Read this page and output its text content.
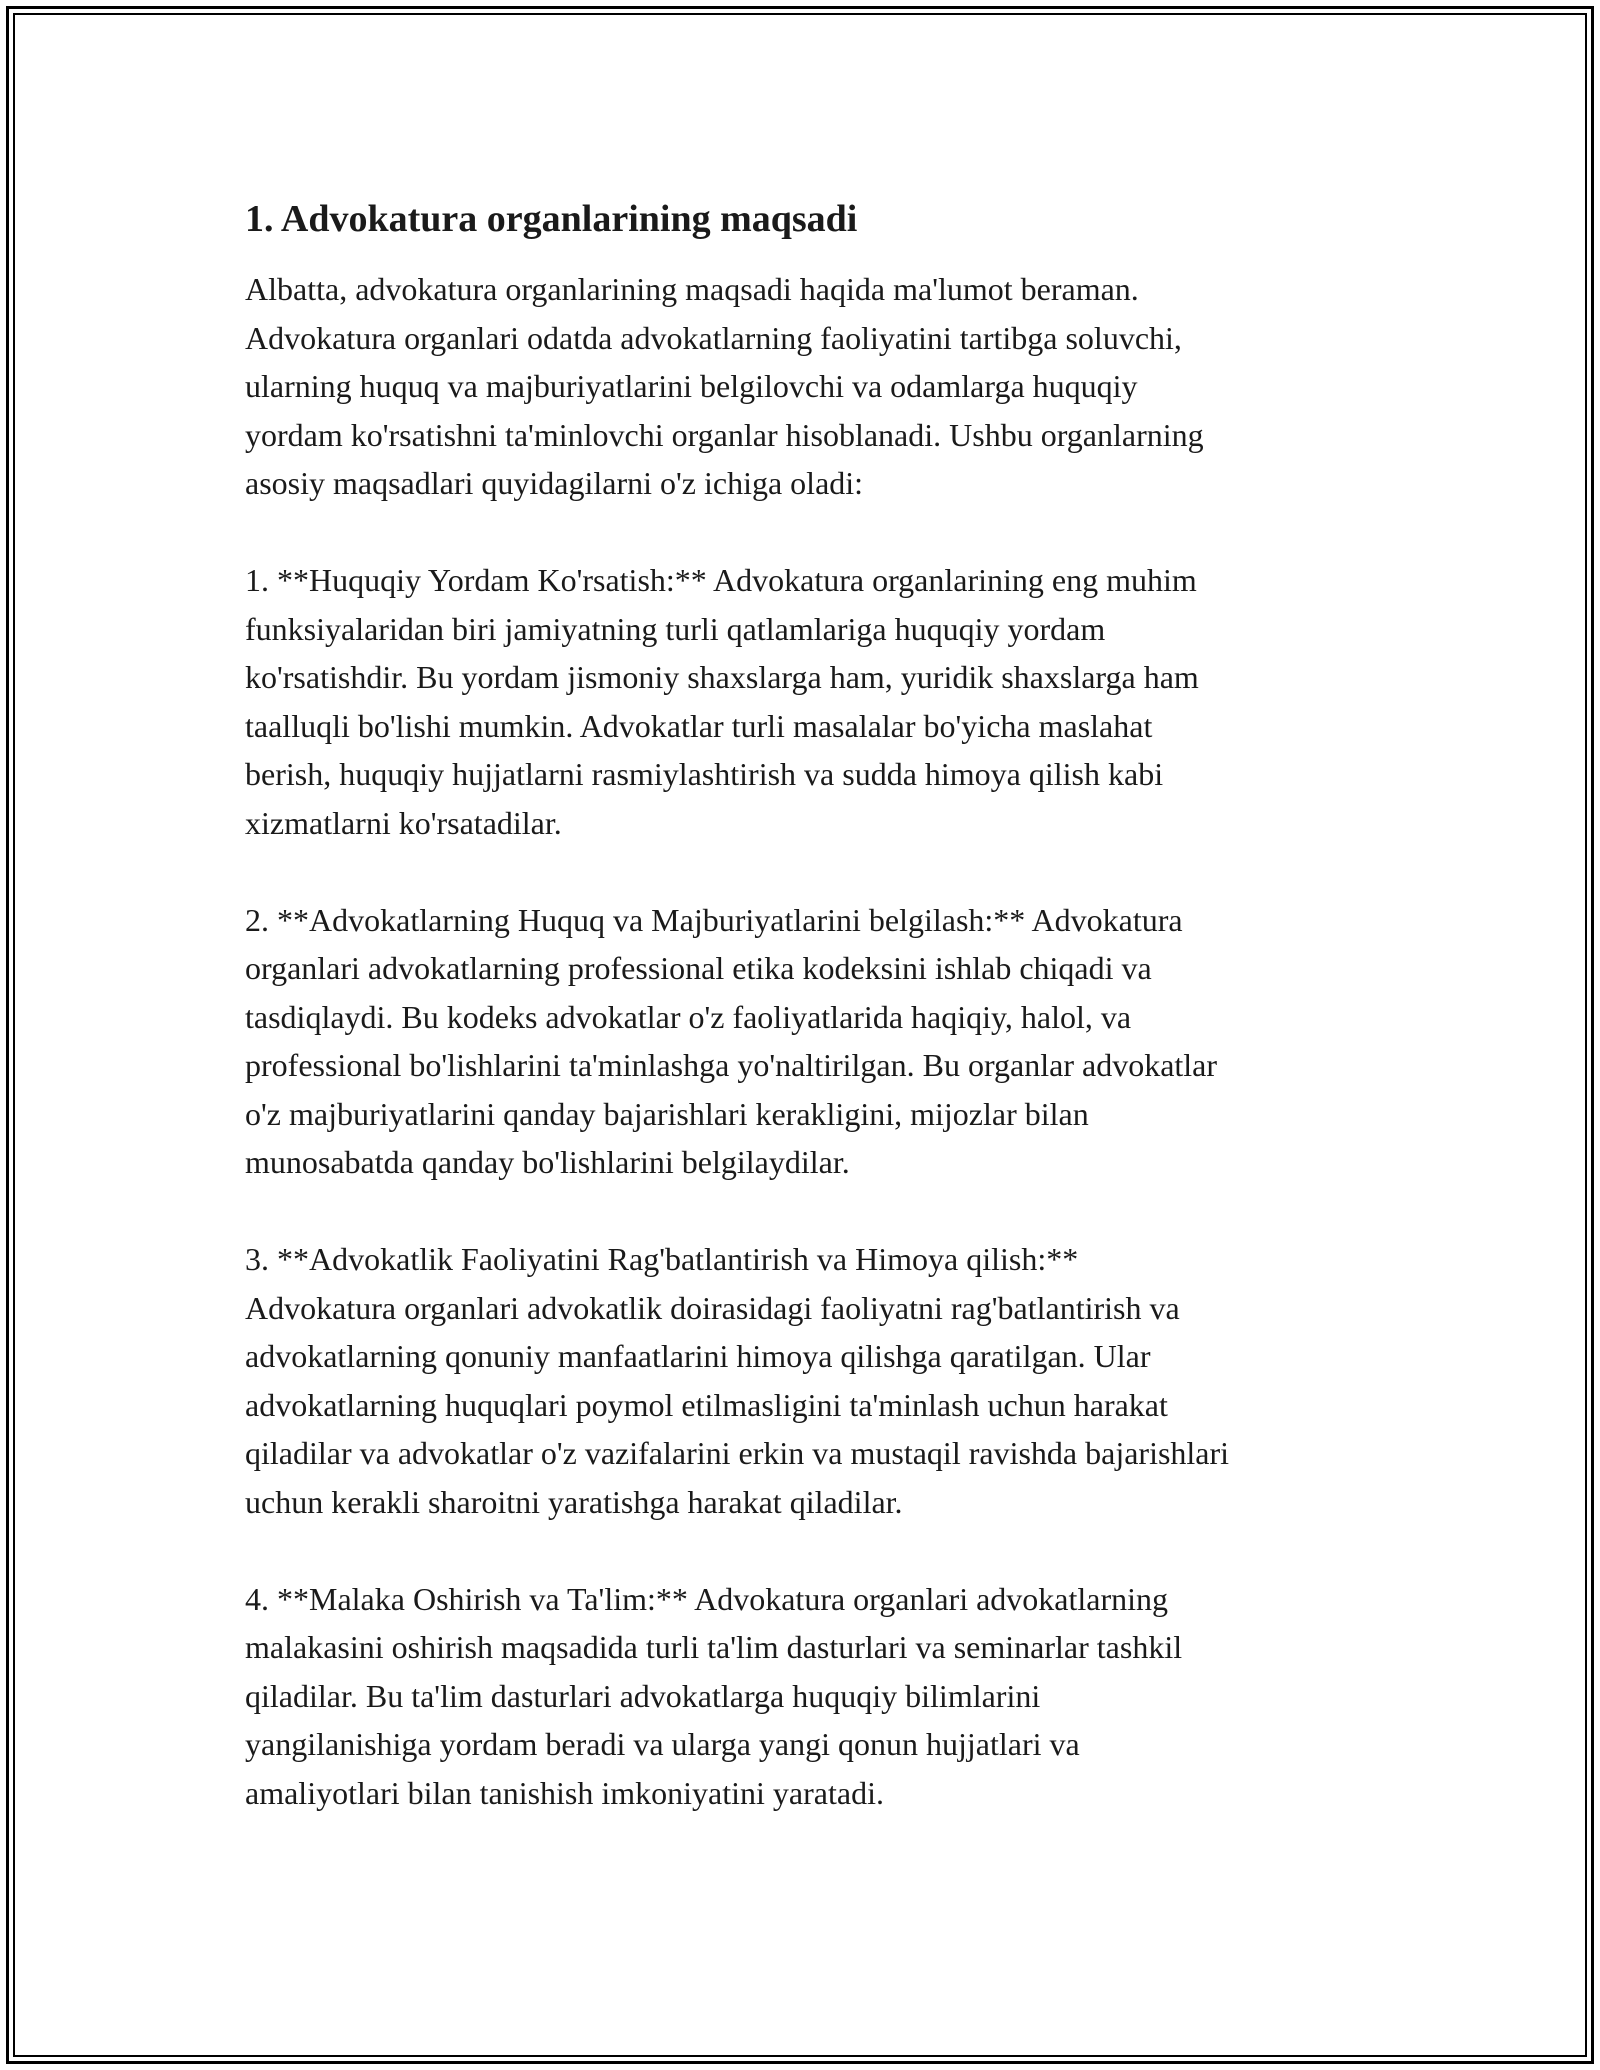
1. Advokatura organlarining maqsadi

Albatta, advokatura organlarining maqsadi haqida ma'lumot beraman.

Advokatura organlari odatda advokatlarning faoliyatini tartibga soluvchi,

ularning huquq va majburiyatlarini belgilovchi va odamlarga huquqiy

yordam ko'rsatishni ta'minlovchi organlar hisoblanadi. Ushbu organlarning

asosiy maqsadlari quyidagilarni o'z ichiga oladi:

1. **Huquqiy Yordam Ko'rsatish:** Advokatura organlarining eng muhim

funksiyalaridan biri jamiyatning turli qatlamlariga huquqiy yordam

ko'rsatishdir. Bu yordam jismoniy shaxslarga ham, yuridik shaxslarga ham

taalluqli bo'lishi mumkin. Advokatlar turli masalalar bo'yicha maslahat

berish, huquqiy hujjatlarni rasmiylashtirish va sudda himoya qilish kabi

xizmatlarni ko'rsatadilar.

2. **Advokatlarning Huquq va Majburiyatlarini belgilash:** Advokatura

organlari advokatlarning professional etika kodeksini ishlab chiqadi va

tasdiqlaydi. Bu kodeks advokatlar o'z faoliyatlarida haqiqiy, halol, va

professional bo'lishlarini ta'minlashga yo'naltirilgan. Bu organlar advokatlar

o'z majburiyatlarini qanday bajarishlari kerakligini, mijozlar bilan

munosabatda qanday bo'lishlarini belgilaydilar.

3. **Advokatlik Faoliyatini Rag'batlantirish va Himoya qilish:**

Advokatura organlari advokatlik doirasidagi faoliyatni rag'batlantirish va

advokatlarning qonuniy manfaatlarini himoya qilishga qaratilgan. Ular

advokatlarning huquqlari poymol etilmasligini ta'minlash uchun harakat

qiladilar va advokatlar o'z vazifalarini erkin va mustaqil ravishda bajarishlari

uchun kerakli sharoitni yaratishga harakat qiladilar.

4. **Malaka Oshirish va Ta'lim:** Advokatura organlari advokatlarning

malakasini oshirish maqsadida turli ta'lim dasturlari va seminarlar tashkil

qiladilar. Bu ta'lim dasturlari advokatlarga huquqiy bilimlarini

yangilanishiga yordam beradi va ularga yangi qonun hujjatlari va

amaliyotlari bilan tanishish imkoniyatini yaratadi.
